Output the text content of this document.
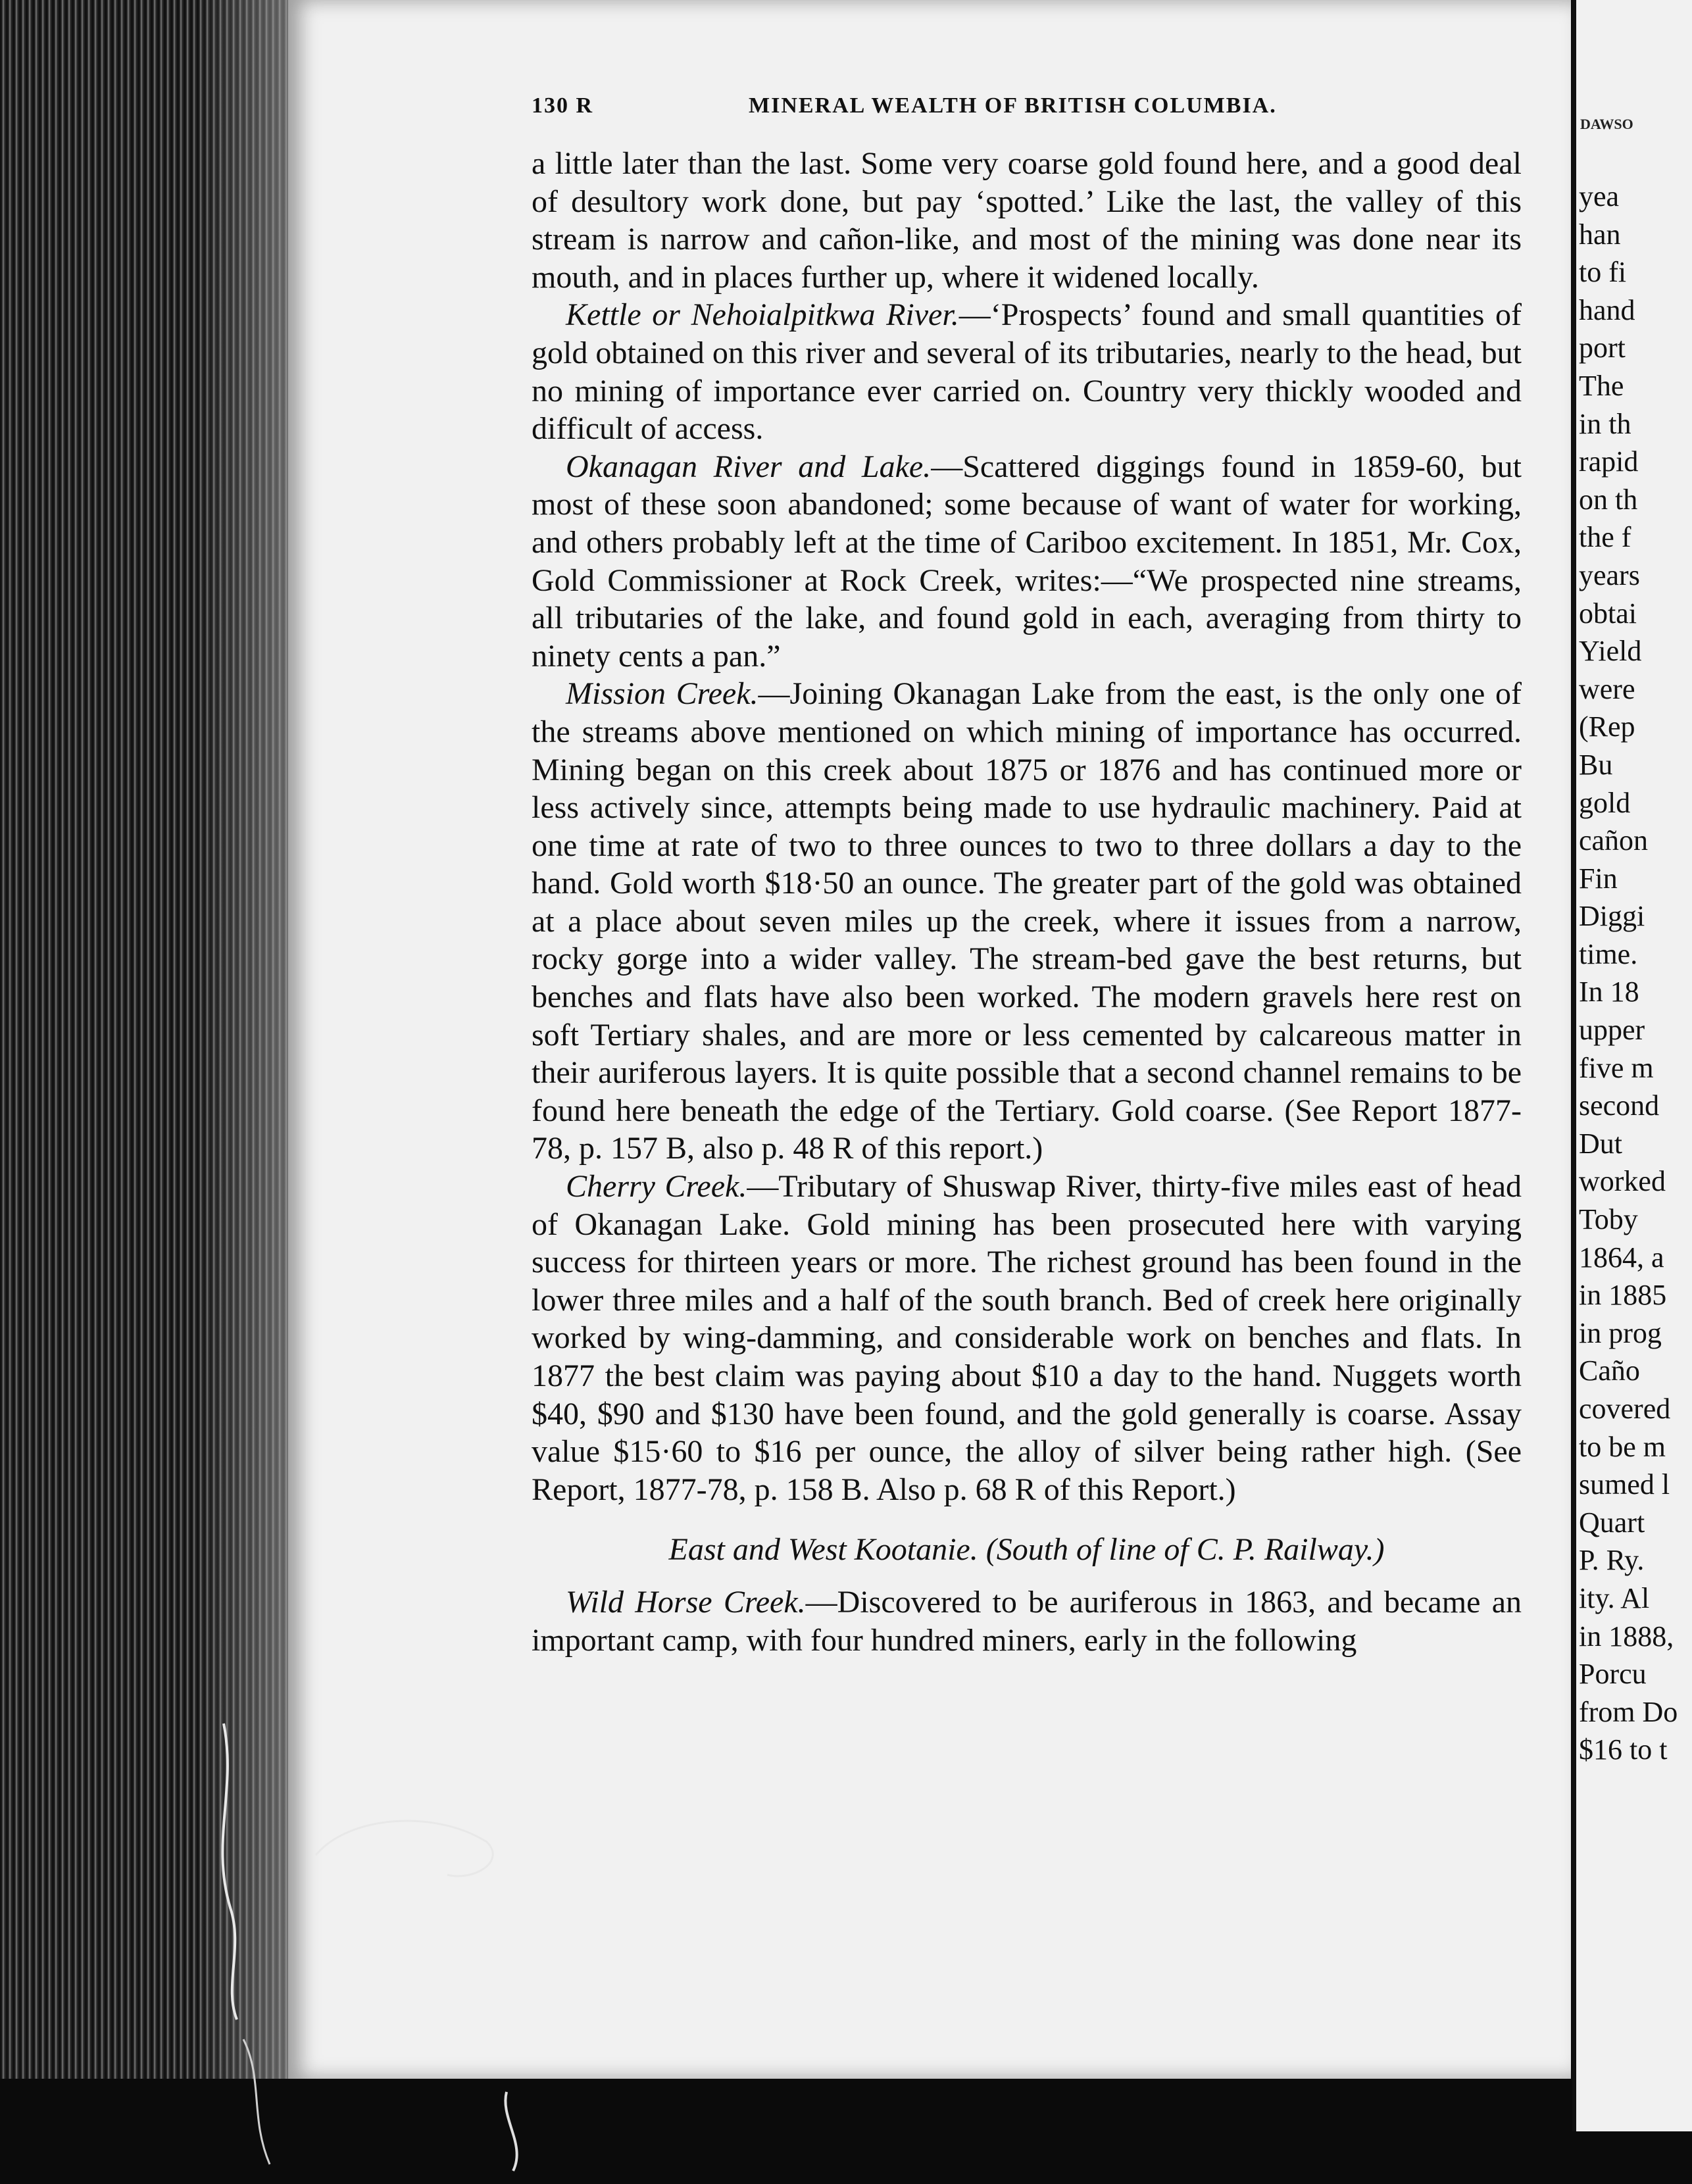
130 R	MINERAL WEALTH OF BRITISH COLUMBIA.

a little later than the last. Some very coarse gold found here, and a good deal of desultory work done, but pay ‘spotted.’ Like the last, the valley of this stream is narrow and cañon-like, and most of the mining was done near its mouth, and in places further up, where it widened locally.

Kettle or Nehoialpitkwa River.—‘Prospects’ found and small quantities of gold obtained on this river and several of its tributaries, nearly to the head, but no mining of importance ever carried on. Country very thickly wooded and difficult of access.

Okanagan River and Lake.—Scattered diggings found in 1859-60, but most of these soon abandoned; some because of want of water for working, and others probably left at the time of Cariboo excitement. In 1851, Mr. Cox, Gold Commissioner at Rock Creek, writes:—“We prospected nine streams, all tributaries of the lake, and found gold in each, averaging from thirty to ninety cents a pan.”

Mission Creek.—Joining Okanagan Lake from the east, is the only one of the streams above mentioned on which mining of importance has occurred. Mining began on this creek about 1875 or 1876 and has continued more or less actively since, attempts being made to use hydraulic machinery. Paid at one time at rate of two to three ounces to two to three dollars a day to the hand. Gold worth $18·50 an ounce. The greater part of the gold was obtained at a place about seven miles up the creek, where it issues from a narrow, rocky gorge into a wider valley. The stream-bed gave the best returns, but benches and flats have also been worked. The modern gravels here rest on soft Tertiary shales, and are more or less cemented by calcareous matter in their auriferous layers. It is quite possible that a second channel remains to be found here beneath the edge of the Tertiary. Gold coarse. (See Report 1877-78, p. 157 B, also p. 48 R of this report.)

Cherry Creek.—Tributary of Shuswap River, thirty-five miles east of head of Okanagan Lake. Gold mining has been prosecuted here with varying success for thirteen years or more. The richest ground has been found in the lower three miles and a half of the south branch. Bed of creek here originally worked by wing-damming, and considerable work on benches and flats. In 1877 the best claim was paying about $10 a day to the hand. Nuggets worth $40, $90 and $130 have been found, and the gold generally is coarse. Assay value $15·60 to $16 per ounce, the alloy of silver being rather high. (See Report, 1877-78, p. 158 B. Also p. 68 R of this Report.)

East and West Kootanie. (South of line of C. P. Railway.)

Wild Horse Creek.—Discovered to be auriferous in 1863, and became an important camp, with four hundred miners, early in the following

DAWSO
yea
han
to fi
hand
port
The
in th
rapid
on th
the f
years
obtai
Yield
were
(Rep
Bu
gold
cañon
Fin
Diggi
time.
In 18
upper
five m
second
Dut
worked
Toby
1864, a
in 1885
in prog
Caño
covered
to be m
sumed l
Quart
P. Ry.
ity. Al
in 1888,
Porcu
from Do
$16 to t
